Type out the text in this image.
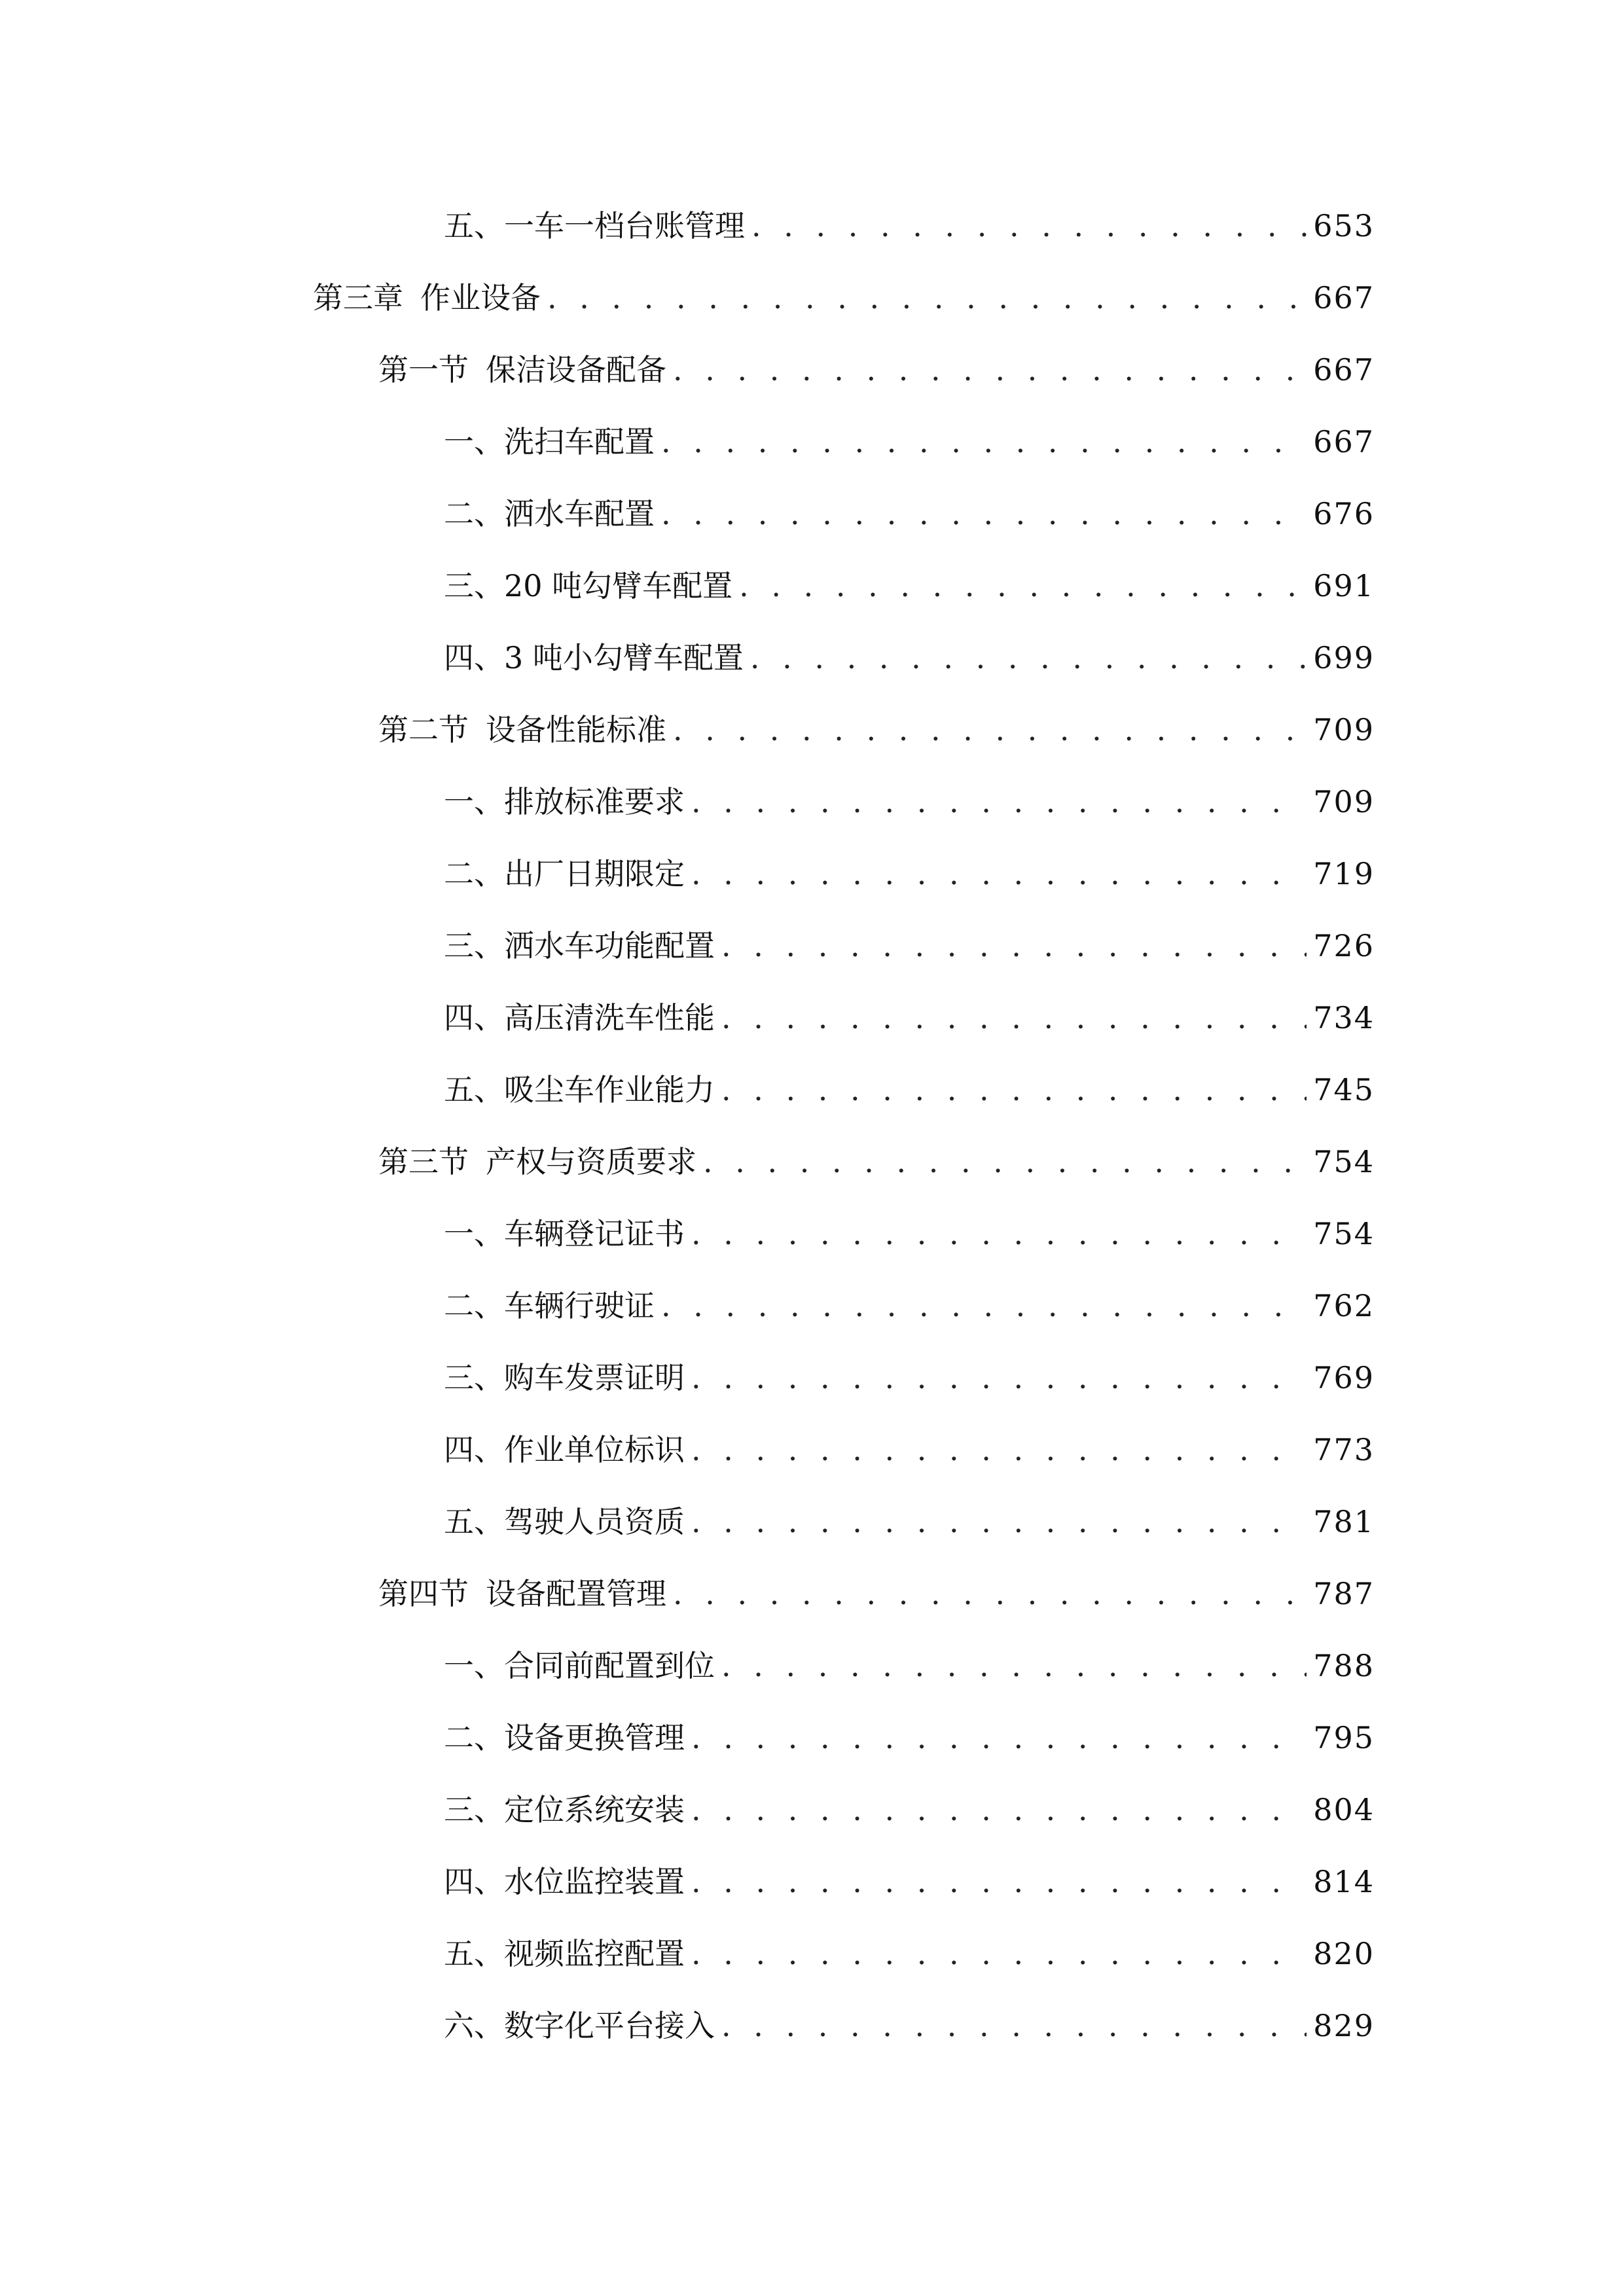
五、 一车一档台账管理 . . .	653
第三章 作业设备 . . .	667
第一节 保洁设备配备 . . .	667
一、 洗扫车配置 . . .	667
二、 洒水车配置 . . .	676
三、 20 吨勾臂车配置 . . .	691
四、 3 吨小勾臂车配置 . . .	699
第二节 设备性能标准 . . .	709
一、 排放标准要求 . . .	709
二、 出厂日期限定 . . .	719
三、 洒水车功能配置 . . .	726
四、 高压清洗车性能 . . .	734
五、 吸尘车作业能力 . . .	745
第三节 产权与资质要求 . . .	754
一、 车辆登记证书 . . .	754
二、 车辆行驶证 . . .	762
三、 购车发票证明 . . .	769
四、 作业单位标识 . . .	773
五、 驾驶人员资质 . . .	781
第四节 设备配置管理 . . .	787
一、 合同前配置到位 . . .	788
二、 设备更换管理 . . .	795
三、 定位系统安装 . . .	804
四、 水位监控装置 . . .	814
五、 视频监控配置 . . .	820
六、 数字化平台接入 . . .	829
